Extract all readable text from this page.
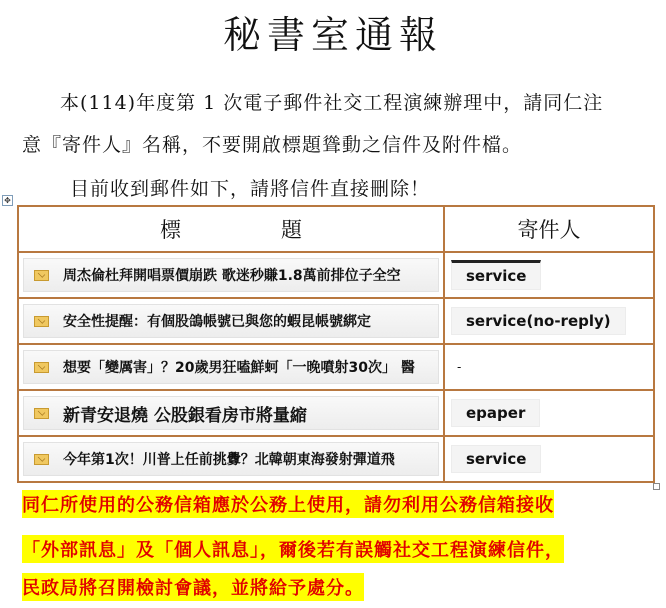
秘書室通報
本(114)年度第 1 次電子郵件社交工程演練辦理中，請同仁注
意『寄件人』名稱，不要開啟標題聳動之信件及附件檔。
目前收到郵件如下，請將信件直接刪除！
✥
標題	寄件人

周杰倫杜拜開唱票價崩跌 歌迷秒賺1.8萬前排位子全空	service

安全性提醒：有個股鴿帳號已與您的蝦昆帳號綁定	service(no-reply)

想要「變厲害」？20歲男狂嗑鮮蚵「一晚噴射30次」 醫	-

新青安退燒 公股銀看房市將量縮	epaper

今年第1次！川普上任前挑釁？北韓朝東海發射彈道飛	service
同仁所使用的公務信箱應於公務上使用，請勿利用公務信箱接收
「外部訊息」及「個人訊息」，爾後若有誤觸社交工程演練信件，
民政局將召開檢討會議，並將給予處分。
